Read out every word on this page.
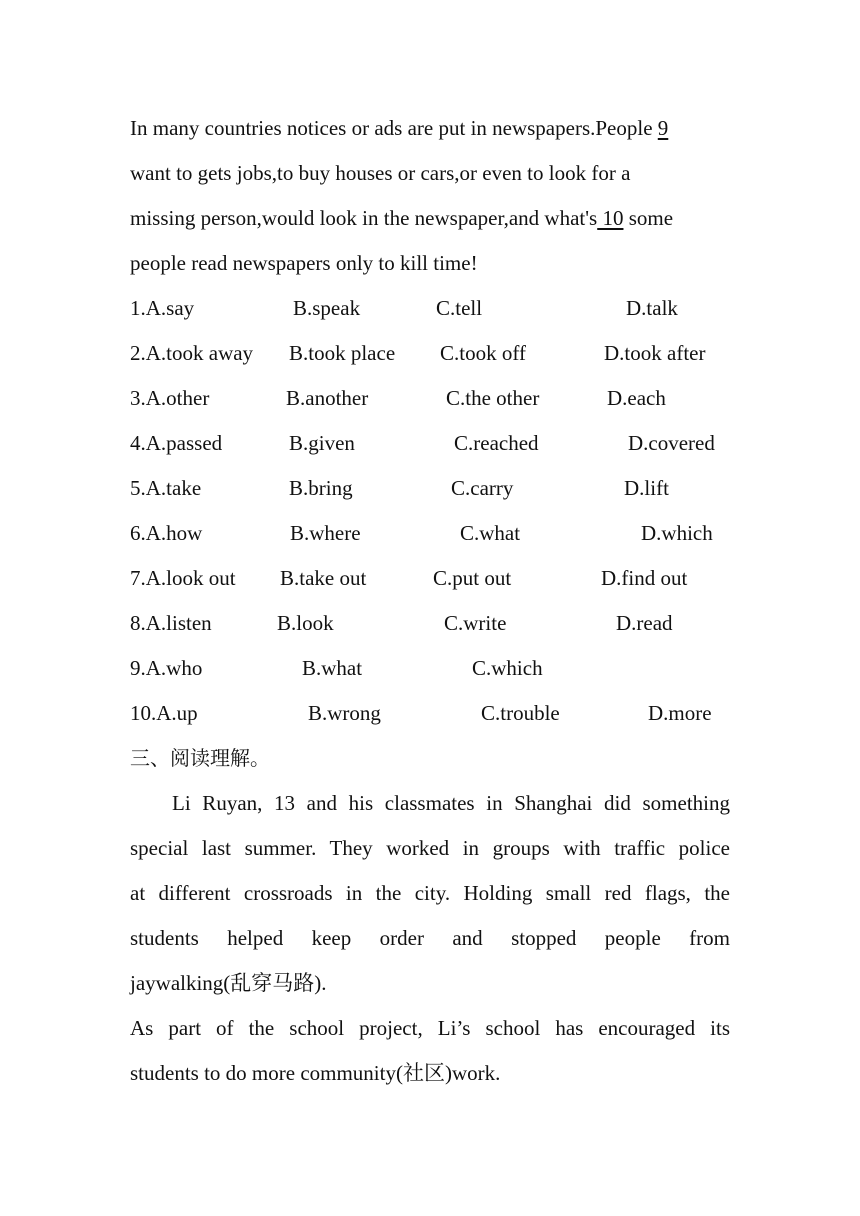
In many countries notices or ads are put in newspapers.People 9
want to gets jobs,to buy houses or cars,or even to look for a
missing person,would look in the newspaper,and what's 10 some
people read newspapers only to kill time!
1.A.say	B.speak	C.tell	D.talk
2.A.took away B.took place C.took off	D.took after
3.A.other	B.another	C.the other	D.each
4.A.passed	B.given	C.reached	D.covered
5.A.take	B.bring	C.carry	D.lift
6.A.how	B.where	C.what	D.which
7.A.look out B.take out	C.put out	D.find out
8.A.listen	B.look	C.write	D.read
9.A.who	B.what	C.which
10.A.up	B.wrong	C.trouble	D.more
三、阅读理解。
Li Ruyan, 13 and his classmates in Shanghai did something
special last summer. They worked in groups with traffic police
at different crossroads in the city. Holding small red flags, the
students helped keep order and stopped people from
jaywalking(乱穿马路).
As part of the school project, Li’s school has encouraged its
students to do more community(社区)work.
